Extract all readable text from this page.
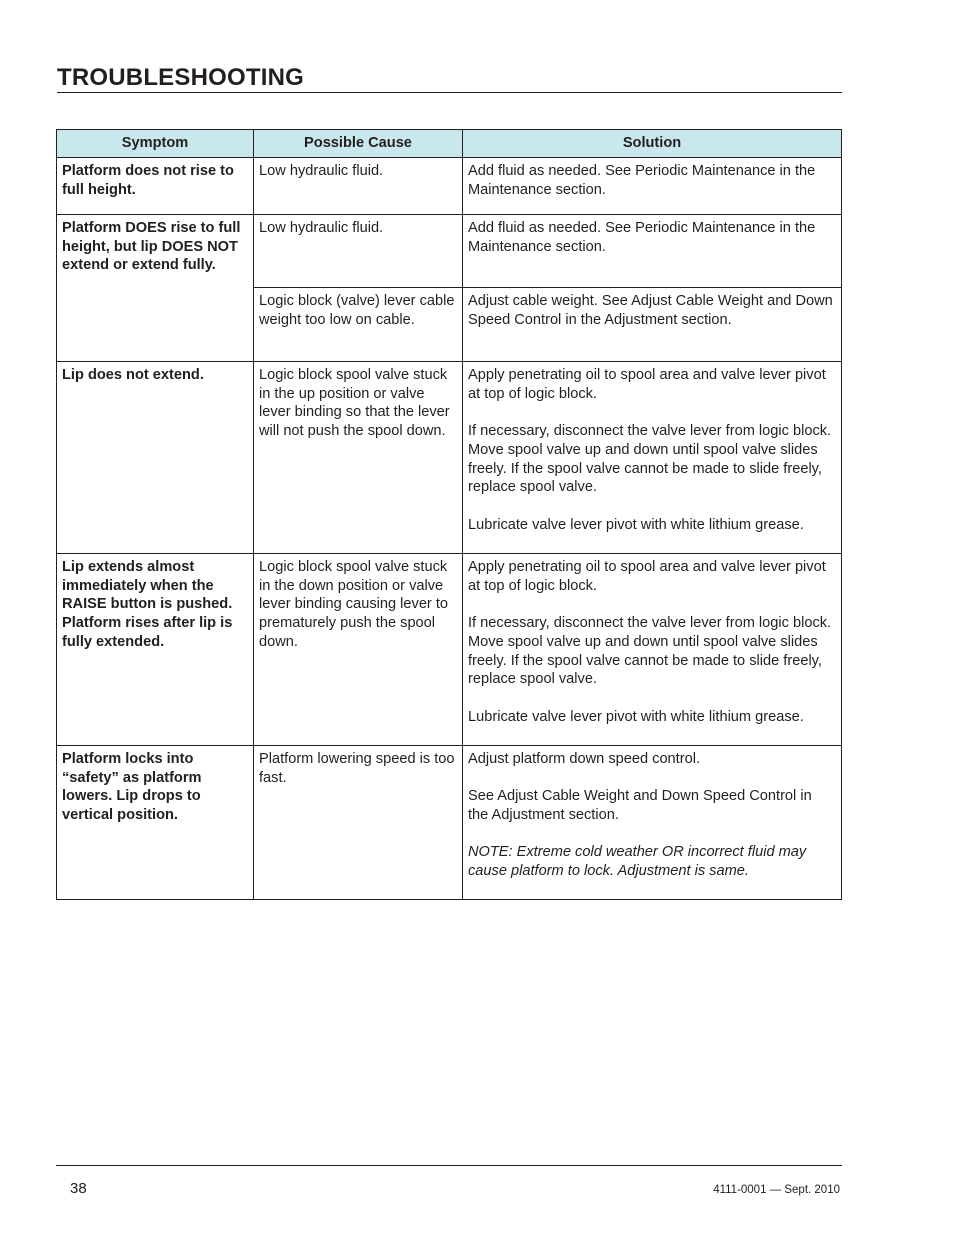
TROUBLESHOOTING
Symptom	Possible Cause	Solution
Platform does not rise to full height.	Low hydraulic fluid.	Add fluid as needed. See Periodic Maintenance in the Maintenance section.

Platform DOES rise to full height, but lip DOES NOT extend or extend fully.	Low hydraulic fluid.	Add fluid as needed. See Periodic Maintenance in the Maintenance section.

	Logic block (valve) lever cable weight too low on cable.	Adjust cable weight. See Adjust Cable Weight and Down Speed Control in the Adjustment section.

Lip does not extend.	Logic block spool valve stuck in the up position or valve lever binding so that the lever will not push the spool down.	Apply penetrating oil to spool area and valve lever pivot at top of logic block.
If necessary, disconnect the valve lever from logic block. Move spool valve up and down until spool valve slides freely. If the spool valve cannot be made to slide freely, replace spool valve.
Lubricate valve lever pivot with white lithium grease.

Lip extends almost immediately when the RAISE button is pushed. Platform rises after lip is fully extended.	Logic block spool valve stuck in the down position or valve lever binding causing lever to prematurely push the spool down.	Apply penetrating oil to spool area and valve lever pivot at top of logic block.
If necessary, disconnect the valve lever from logic block. Move spool valve up and down until spool valve slides freely. If the spool valve cannot be made to slide freely, replace spool valve.
Lubricate valve lever pivot with white lithium grease.

Platform locks into “safety” as platform lowers. Lip drops to vertical position.	Platform lowering speed is too fast.	Adjust platform down speed control.
See Adjust Cable Weight and Down Speed Control in the Adjustment section.
NOTE: Extreme cold weather OR incorrect fluid may cause platform to lock. Adjustment is same.
38	4111-0001 — Sept. 2010
